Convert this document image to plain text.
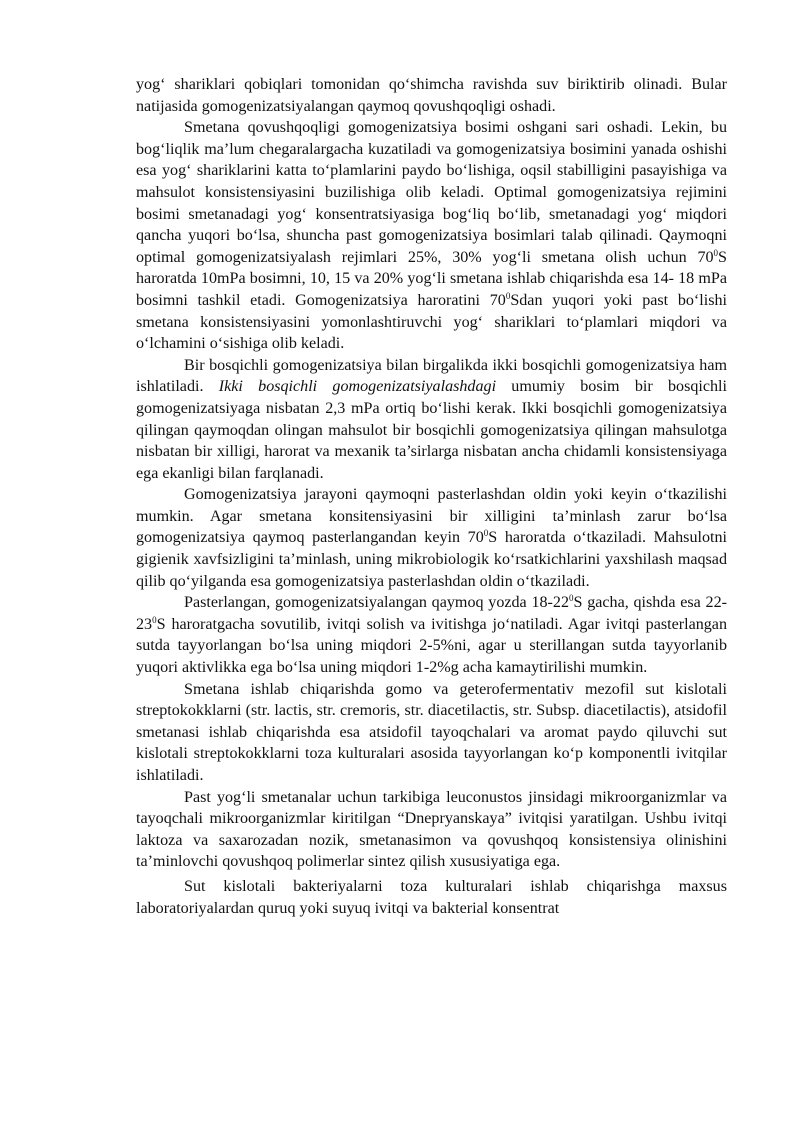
yog‘ shariklari qobiqlari tomonidan qo‘shimcha ravishda suv biriktirib olinadi. Bular natijasida gomogenizatsiyalangan qaymoq qovushqoqligi oshadi.

Smetana qovushqoqligi gomogenizatsiya bosimi oshgani sari oshadi. Lekin, bu bog‘liqlik ma’lum chegaralargacha kuzatiladi va gomogenizatsiya bosimini yanada oshishi esa yog‘ shariklarini katta to‘plamlarini paydo bo‘lishiga, oqsil stabilligini pasayishiga va mahsulot konsistensiyasini buzilishiga olib keladi. Optimal gomogenizatsiya rejimini bosimi smetanadagi yog‘ konsentratsiyasiga bog‘liq bo‘lib, smetanadagi yog‘ miqdori qancha yuqori bo‘lsa, shuncha past gomogenizatsiya bosimlari talab qilinadi. Qaymoqni optimal gomogenizatsiyalash rejimlari 25%, 30% yog‘li smetana olish uchun $70^0S$ haroratda 10mPa bosimni, 10, 15 va 20% yog‘li smetana ishlab chiqarishda esa 14- 18 mPa bosimni tashkil etadi. Gomogenizatsiya haroratini $70^0Sdan$ yuqori yoki past bo‘lishi smetana konsistensiyasini yomonlashtiruvchi yog‘ shariklari to‘plamlari miqdori va o‘lchamini o‘sishiga olib keladi.

Bir bosqichli gomogenizatsiya bilan birgalikda ikki bosqichli gomogenizatsiya ham ishlatiladi. Ikki bosqichli gomogenizatsiyalashdagi umumiy bosim bir bosqichli gomogenizatsiyaga nisbatan 2,3 mPa ortiq bo‘lishi kerak. Ikki bosqichli gomogenizatsiya qilingan qaymoqdan olingan mahsulot bir bosqichli gomogenizatsiya qilingan mahsulotga nisbatan bir xilligi, harorat va mexanik ta’sirlarga nisbatan ancha chidamli konsistensiyaga ega ekanligi bilan farqlanadi.

Gomogenizatsiya jarayoni qaymoqni pasterlashdan oldin yoki keyin o‘tkazilishi mumkin. Agar smetana konsitensiyasini bir xilligini ta’minlash zarur bo‘lsa gomogenizatsiya qaymoq pasterlangandan keyin $70^0S$ haroratda o‘tkaziladi. Mahsulotni gigienik xavfsizligini ta’minlash, uning mikrobiologik ko‘rsatkichlarini yaxshilash maqsad qilib qo‘yilganda esa gomogenizatsiya pasterlashdan oldin o‘tkaziladi.

Pasterlangan, gomogenizatsiyalangan qaymoq yozda $18-22^0S$ gacha, qishda esa $22-23^0S$ haroratgacha sovutilib, ivitqi solish va ivitishga jo‘natiladi. Agar ivitqi pasterlangan sutda tayyorlangan bo‘lsa uning miqdori 2-5%ni, agar u sterillangan sutda tayyorlanib yuqori aktivlikka ega bo‘lsa uning miqdori 1-2%g acha kamaytirilishi mumkin.

Smetana ishlab chiqarishda gomo va geterofermentativ mezofil sut kislotali streptokokklarni (str. lactis, str. cremoris, str. diacetilactis, str. Subsp. diacetilactis), atsidofil smetanasi ishlab chiqarishda esa atsidofil tayoqchalari va aromat paydo qiluvchi sut kislotali streptokokklarni toza kulturalari asosida tayyorlangan ko‘p komponentli ivitqilar ishlatiladi.

Past yog‘li smetanalar uchun tarkibiga leuconustos jinsidagi mikroorganizmlar va tayoqchali mikroorganizmlar kiritilgan “Dnepryanskaya” ivitqisi yaratilgan. Ushbu ivitqi laktoza va saxarozadan nozik, smetanasimon va qovushqoq konsistensiya olinishini ta’minlovchi qovushqoq polimerlar sintez qilish xususiyatiga ega.

Sut kislotali bakteriyalarni toza kulturalari ishlab chiqarishga maxsus laboratoriyalardan quruq yoki suyuq ivitqi va bakterial konsentrat
